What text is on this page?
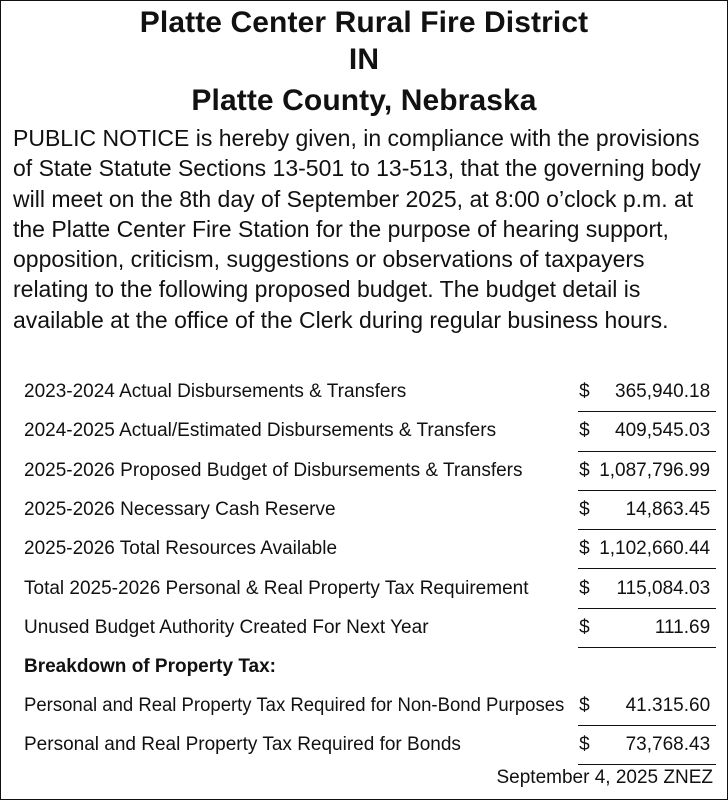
Platte Center Rural Fire District
IN
Platte County, Nebraska

PUBLIC NOTICE is hereby given, in compliance with the provisions of State Statute Sections 13-501 to 13-513, that the governing body will meet on the 8th day of September 2025, at 8:00 o’clock p.m. at the Platte Center Fire Station for the purpose of hearing support, opposition, criticism, suggestions or observations of taxpayers relating to the following proposed budget. The budget detail is available at the office of the Clerk during regular business hours.

2023-2024 Actual Disbursements & Transfers	$ 365,940.18

2024-2025 Actual/Estimated Disbursements & Transfers	$ 409,545.03

2025-2026 Proposed Budget of Disbursements & Transfers	$ 1,087,796.99

2025-2026 Necessary Cash Reserve	$ 14,863.45

2025-2026 Total Resources Available	$ 1,102,660.44

Total 2025-2026 Personal & Real Property Tax Requirement	$ 115,084.03

Unused Budget Authority Created For Next Year	$ 111.69

Breakdown of Property Tax:	
Personal and Real Property Tax Required for Non-Bond Purposes	$ 41.315.60

Personal and Real Property Tax Required for Bonds	$ 73,768.43
September 4, 2025 ZNEZ
